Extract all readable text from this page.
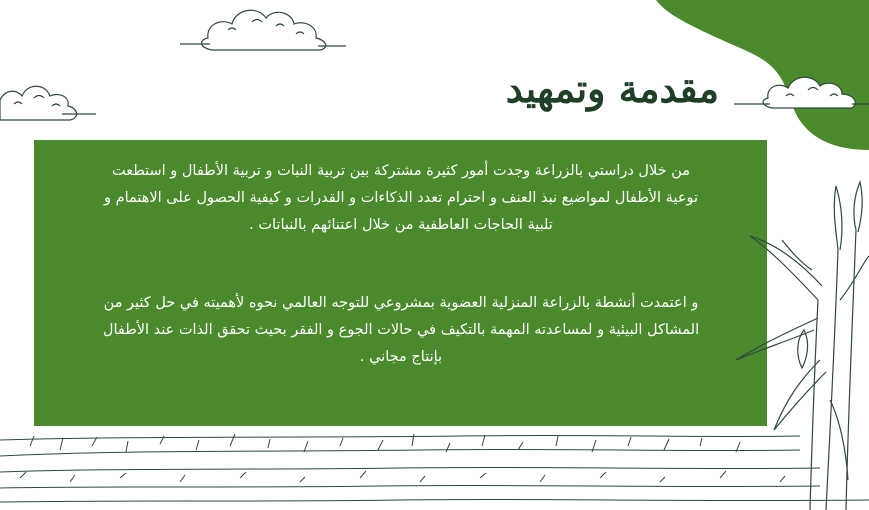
مقدمة وتمهيد

من خلال دراستي بالزراعة وجدت أمور كثيرة مشتركة بين تربية النبات و تربية الأطفال و استطعت توعية الأطفال لمواضيع نبذ العنف و احترام تعدد الذكاءات و القدرات و كيفية الحصول على الاهتمام و تلبية الحاجات العاطفية من خلال اعتنائهم بالنباتات .

و اعتمدت أنشطة بالزراعة المنزلية العضوية بمشروعي للتوجه العالمي نحوه لأهميته في حل كثير من المشاكل البيئية و لمساعدته المهمة بالتكيف في حالات الجوع و الفقر بحيث تحقق الذات عند الأطفال بإنتاج مجاني .
